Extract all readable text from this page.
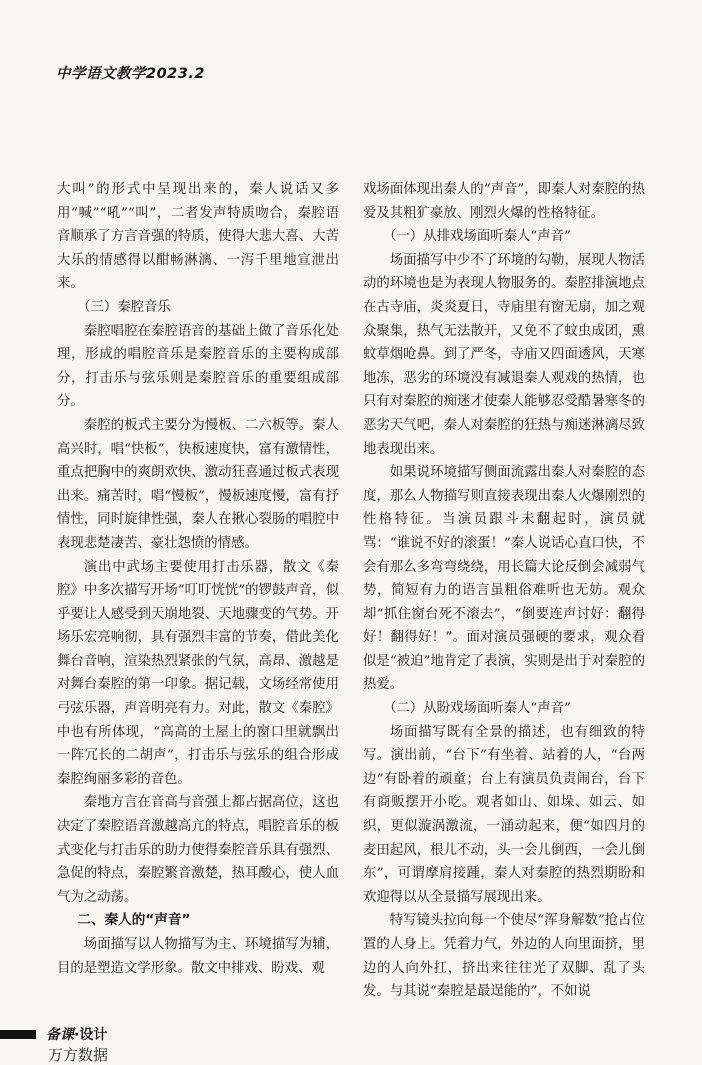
中学语文教学2023.2

大叫”的形式中呈现出来的，秦人说话又多用“喊”“吼”“叫”，二者发声特质吻合，秦腔语音顺承了方言音强的特质，使得大悲大喜、大苦大乐的情感得以酣畅淋漓、一泻千里地宣泄出来。

（三）秦腔音乐

秦腔唱腔在秦腔语音的基础上做了音乐化处理，形成的唱腔音乐是秦腔音乐的主要构成部分，打击乐与弦乐则是秦腔音乐的重要组成部分。

秦腔的板式主要分为慢板、二六板等。秦人高兴时，唱“快板”，快板速度快，富有激情性，重点把胸中的爽朗欢快、激动狂喜通过板式表现出来。痛苦时，唱“慢板”，慢板速度慢，富有抒情性，同时旋律性强，秦人在揪心裂肠的唱腔中表现悲楚凄苦、豪壮怨愤的情感。

演出中武场主要使用打击乐器，散文《秦腔》中多次描写开场“叮叮恍恍”的锣鼓声音，似乎要让人感受到天崩地裂、天地骤变的气势。开场乐宏亮响彻，具有强烈丰富的节奏，借此美化舞台音响，渲染热烈紧张的气氛，高昂、激越是对舞台秦腔的第一印象。据记载，文场经常使用弓弦乐器，声音明亮有力。对此，散文《秦腔》中也有所体现，“高高的土屋上的窗口里就飘出一阵冗长的二胡声”，打击乐与弦乐的组合形成秦腔绚丽多彩的音色。

秦地方言在音高与音强上都占据高位，这也决定了秦腔语音激越高亢的特点，唱腔音乐的板式变化与打击乐的助力使得秦腔音乐具有强烈、急促的特点，秦腔繁音激楚，热耳酸心，使人血气为之动荡。

二、秦人的“声音”

场面描写以人物描写为主、环境描写为辅，目的是塑造文学形象。散文中排戏、盼戏、观

戏场面体现出秦人的“声音”，即秦人对秦腔的热爱及其粗犷豪放、刚烈火爆的性格特征。

（一）从排戏场面听秦人“声音”

场面描写中少不了环境的勾勒，展现人物活动的环境也是为表现人物服务的。秦腔排演地点在古寺庙，炎炎夏日，寺庙里有窗无扇，加之观众聚集，热气无法散开，又免不了蚊虫成团，熏蚊草烟呛鼻。到了严冬，寺庙又四面透风，天寒地冻，恶劣的环境没有减退秦人观戏的热情，也只有对秦腔的痴迷才使秦人能够忍受酷暑寒冬的恶劣天气吧，秦人对秦腔的狂热与痴迷淋漓尽致地表现出来。

如果说环境描写侧面流露出秦人对秦腔的态度，那么人物描写则直接表现出秦人火爆刚烈的性格特征。当演员跟斗未翻起时，演员就骂：“谁说不好的滚蛋！”秦人说话心直口快，不会有那么多弯弯绕绕，用长篇大论反倒会减弱气势，简短有力的语言虽粗俗难听也无妨。观众却“抓住窗台死不滚去”，“倒要连声讨好：翻得好！翻得好！”。面对演员强硬的要求，观众看似是“被迫”地肯定了表演，实则是出于对秦腔的热爱。

（二）从盼戏场面听秦人“声音”

场面描写既有全景的描述，也有细致的特写。演出前，“台下”有坐着、站着的人，“台两边”有卧着的顽童；台上有演员负责闹台，台下有商贩摆开小吃。观者如山、如垛、如云、如织，更似漩涡激流，一涌动起来，便“如四月的麦田起风，根儿不动，头一会儿倒西，一会儿倒东”，可谓摩肩接踵，秦人对秦腔的热烈期盼和欢迎得以从全景描写展现出来。

特写镜头拉向每一个使尽“浑身解数”抢占位置的人身上。凭着力气，外边的人向里面挤，里边的人向外扛，挤出来往往光了双脚、乱了头发。与其说“秦腔是最逞能的”，不如说

备课·设计
万方数据
